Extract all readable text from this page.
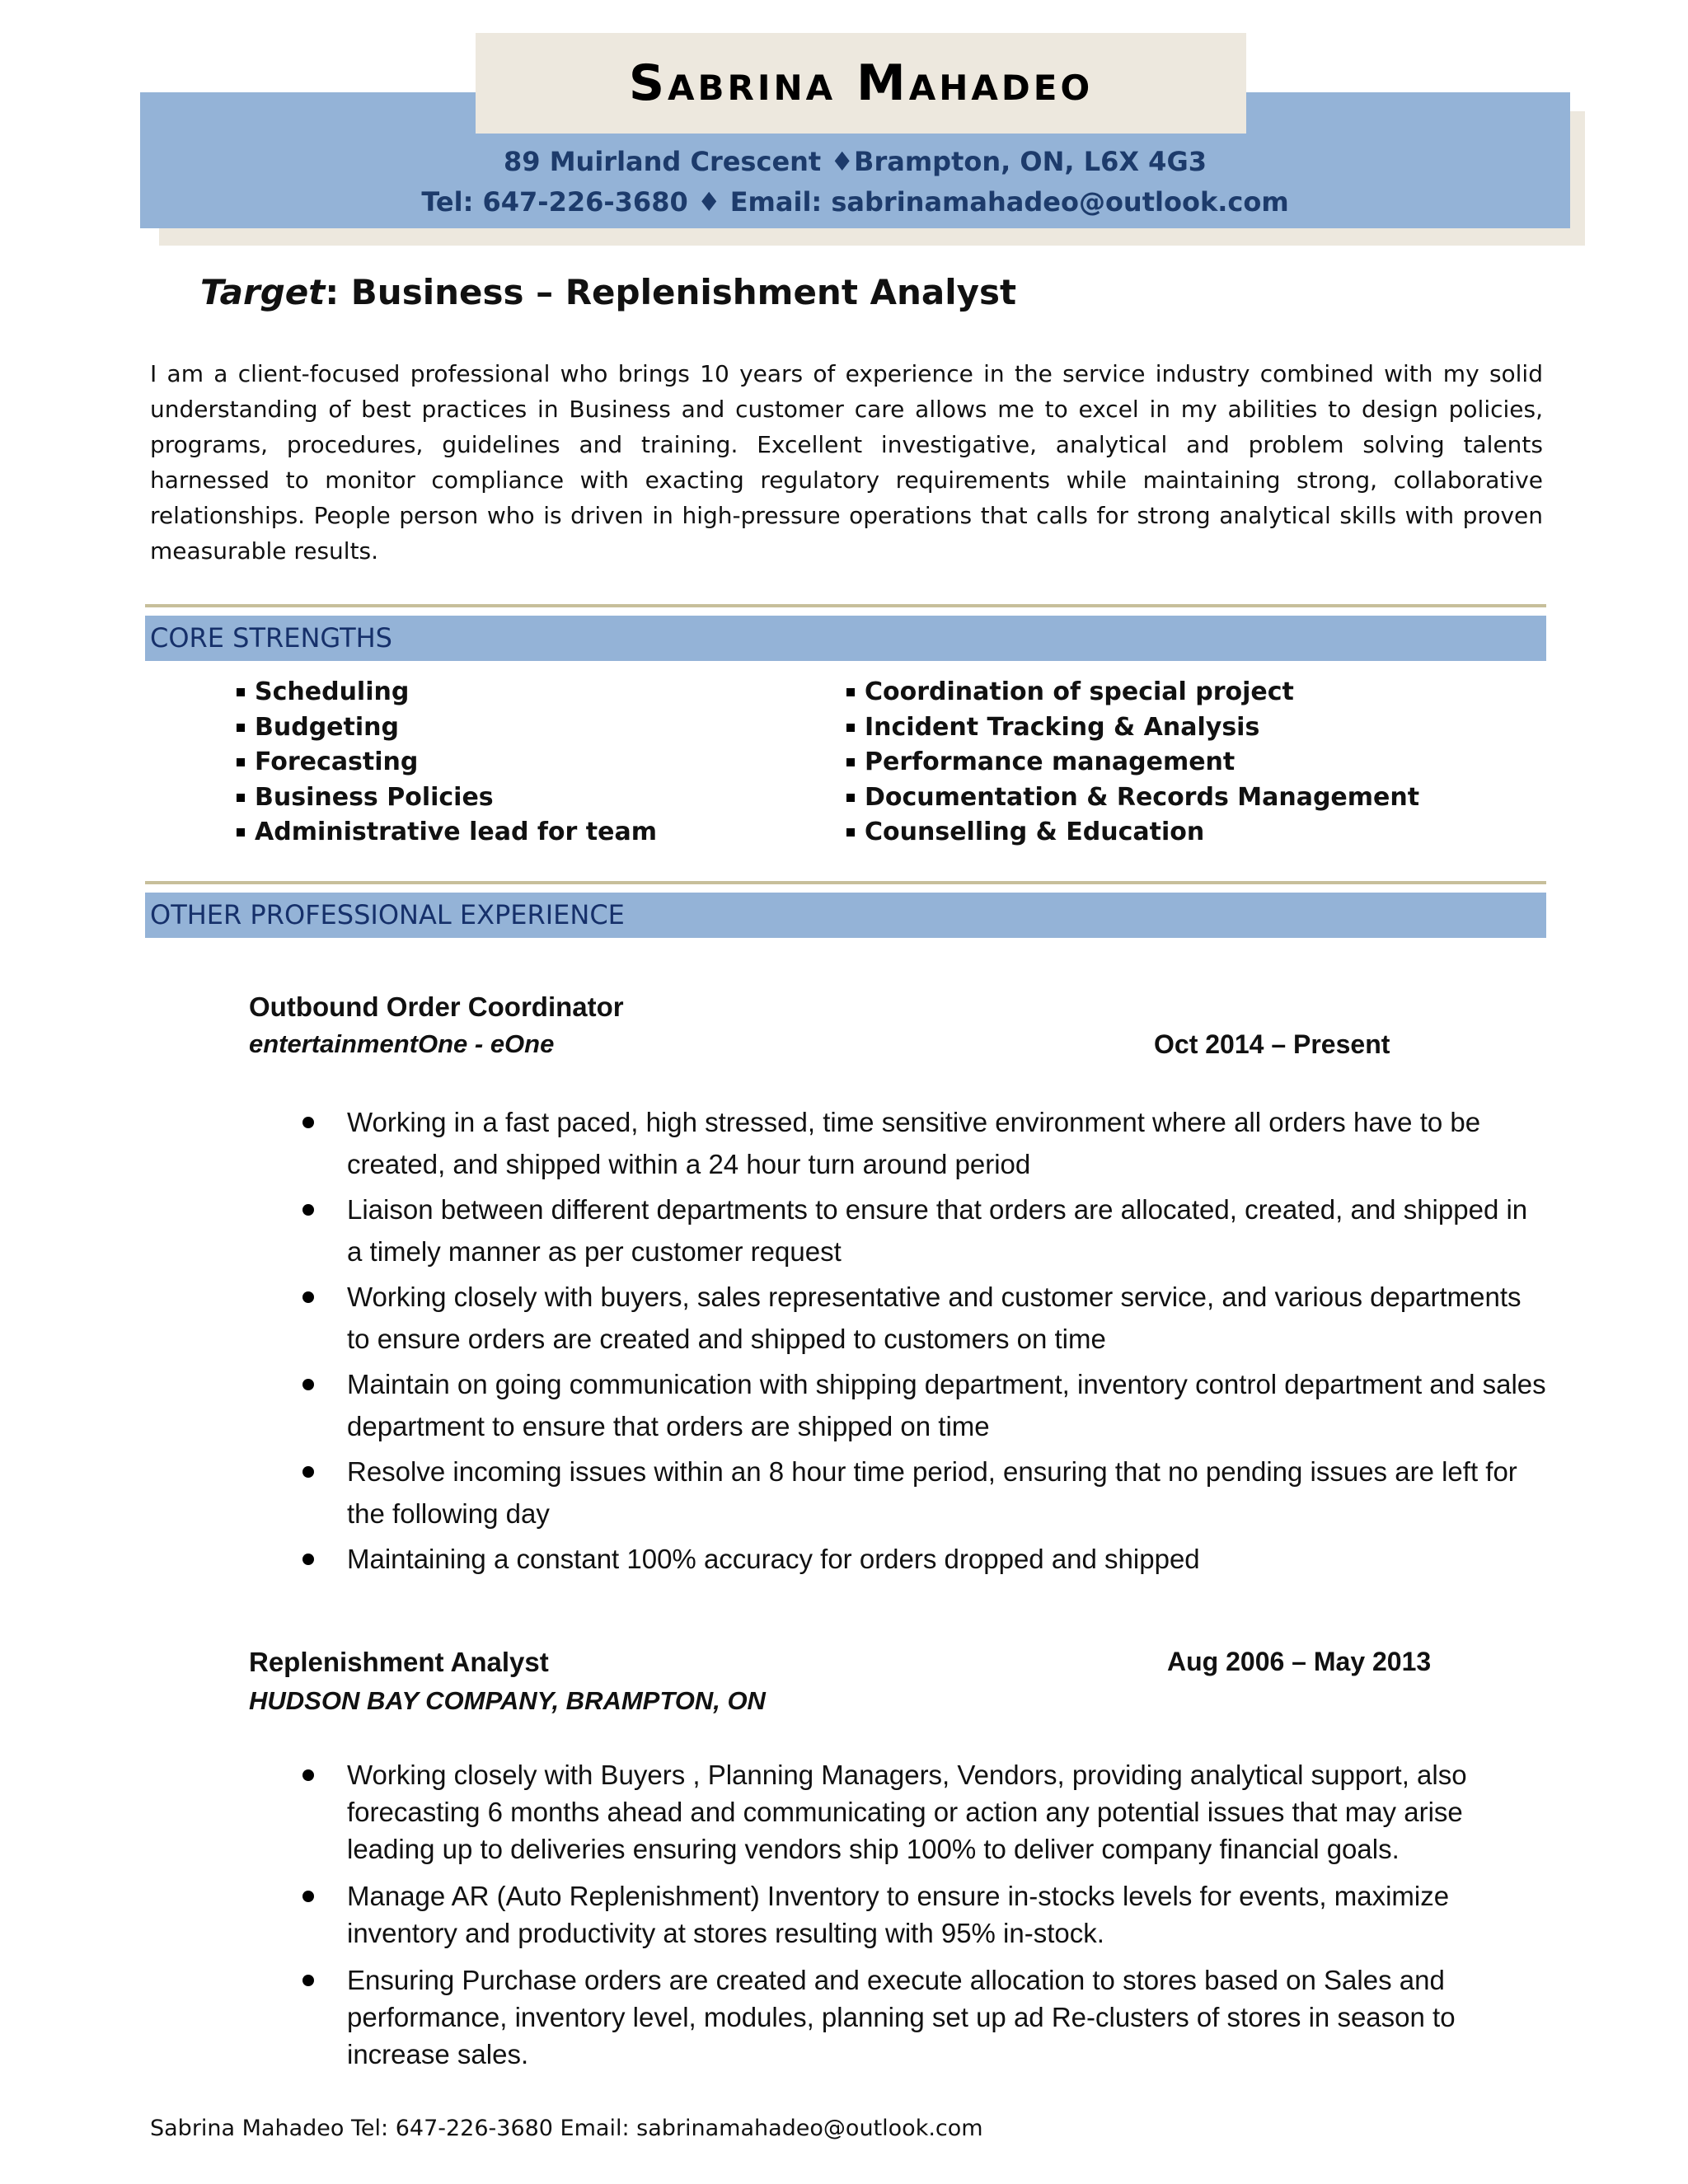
Sabrina Mahadeo
89 Muirland Crescent ♦Brampton, ON, L6X 4G3
Tel: 647-226-3680 ♦ Email: sabrinamahadeo@outlook.com
Target: Business – Replenishment Analyst
I am a client-focused professional who brings 10 years of experience in the service industry combined with my solid understanding of best practices in Business and customer care allows me to excel in my abilities to design policies, programs, procedures, guidelines and training. Excellent investigative, analytical and problem solving talents harnessed to monitor compliance with exacting regulatory requirements while maintaining strong, collaborative relationships. People person who is driven in high-pressure operations that calls for strong analytical skills with proven measurable results.
CORE STRENGTHS
Scheduling
Budgeting
Forecasting
Business Policies
Administrative lead for team
Coordination of special project
Incident Tracking & Analysis
Performance management
Documentation & Records Management
Counselling & Education
OTHER PROFESSIONAL EXPERIENCE
Outbound Order Coordinator
entertainmentOne - eOne	Oct 2014 – Present
Working in a fast paced, high stressed, time sensitive environment where all orders have to be created, and shipped within a 24 hour turn around period
Liaison between different departments to ensure that orders are allocated, created, and shipped in a timely manner as per customer request
Working closely with buyers, sales representative and customer service, and various departments to ensure orders are created and shipped to customers on time
Maintain on going communication with shipping department, inventory control department and sales department to ensure that orders are shipped on time
Resolve incoming issues within an 8 hour time period, ensuring that no pending issues are left for the following day
Maintaining a constant 100% accuracy for orders dropped and shipped
Replenishment Analyst
HUDSON BAY COMPANY, BRAMPTON, ON
Aug 2006 – May 2013
Working closely with Buyers , Planning Managers, Vendors, providing analytical support, also forecasting 6 months ahead and communicating or action any potential issues that may arise leading up to deliveries ensuring vendors ship 100% to deliver company financial goals.
Manage AR (Auto Replenishment) Inventory to ensure in-stocks levels for events, maximize inventory and productivity at stores resulting with 95% in-stock.
Ensuring Purchase orders are created and execute allocation to stores based on Sales and performance, inventory level, modules, planning set up ad Re-clusters of stores in season to increase sales.
Sabrina Mahadeo Tel: 647-226-3680 Email: sabrinamahadeo@outlook.com
